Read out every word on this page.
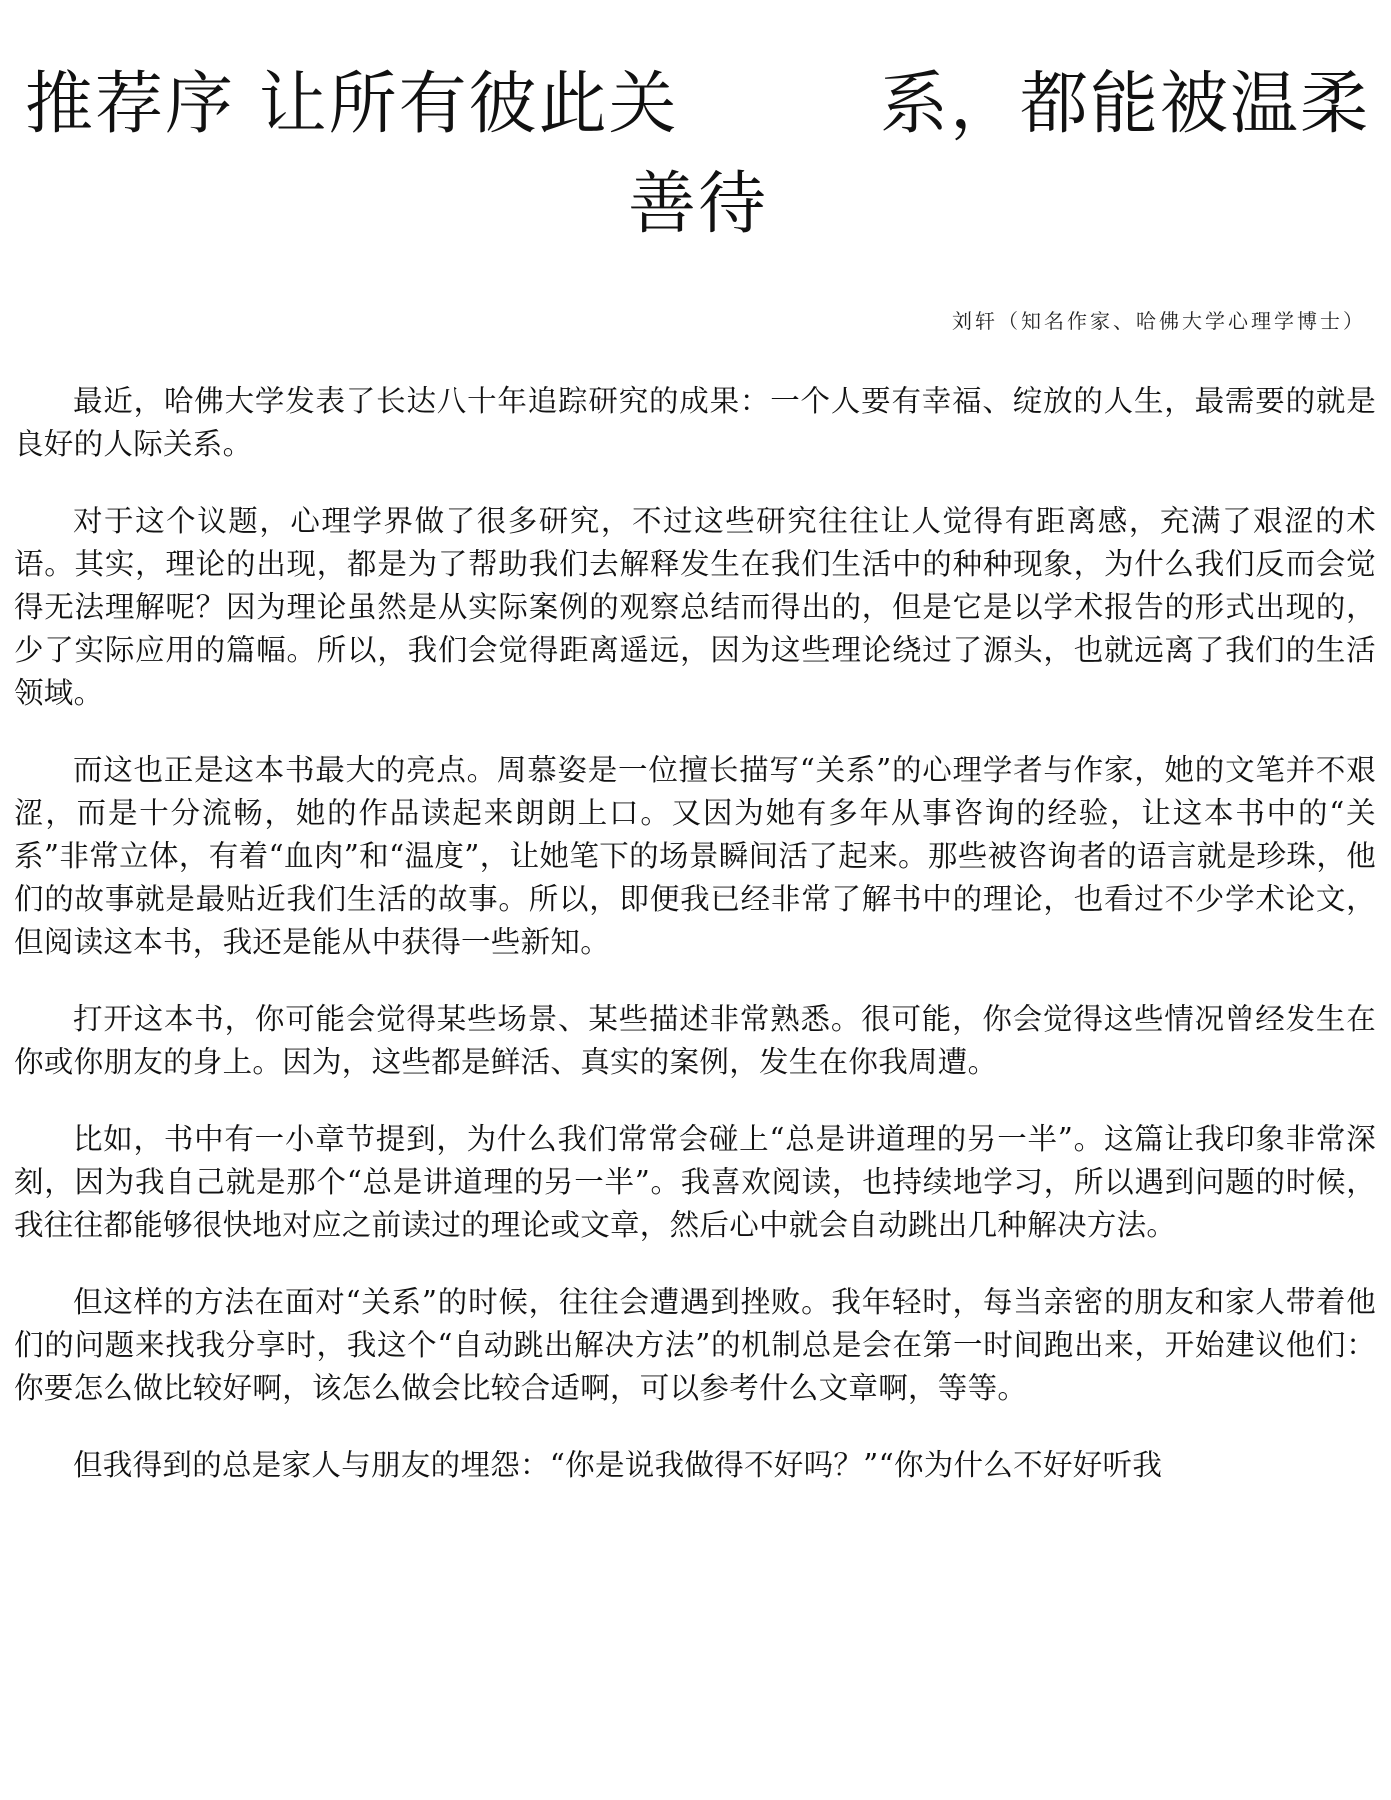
推荐序 让所有彼此关	系，都能被温柔
善待
刘轩（知名作家、哈佛大学心理学博士）

最近，哈佛大学发表了长达八十年追踪研究的成果：一个人要有幸福、绽放的人生，最需要的就是良好的人际关系。

对于这个议题，心理学界做了很多研究，不过这些研究往往让人觉得有距离感，充满了艰涩的术语。其实，理论的出现，都是为了帮助我们去解释发生在我们生活中的种种现象，为什么我们反而会觉得无法理解呢？因为理论虽然是从实际案例的观察总结而得出的，但是它是以学术报告的形式出现的，少了实际应用的篇幅。所以，我们会觉得距离遥远，因为这些理论绕过了源头，也就远离了我们的生活领域。

而这也正是这本书最大的亮点。周慕姿是一位擅长描写“关系”的心理学者与作家，她的文笔并不艰涩，而是十分流畅，她的作品读起来朗朗上口。又因为她有多年从事咨询的经验，让这本书中的“关系”非常立体，有着“血肉”和“温度”，让她笔下的场景瞬间活了起来。那些被咨询者的语言就是珍珠，他们的故事就是最贴近我们生活的故事。所以，即便我已经非常了解书中的理论，也看过不少学术论文，但阅读这本书，我还是能从中获得一些新知。

打开这本书，你可能会觉得某些场景、某些描述非常熟悉。很可能，你会觉得这些情况曾经发生在你或你朋友的身上。因为，这些都是鲜活、真实的案例，发生在你我周遭。

比如，书中有一小章节提到，为什么我们常常会碰上“总是讲道理的另一半”。这篇让我印象非常深刻，因为我自己就是那个“总是讲道理的另一半”。我喜欢阅读，也持续地学习，所以遇到问题的时候，我往往都能够很快地对应之前读过的理论或文章，然后心中就会自动跳出几种解决方法。

但这样的方法在面对“关系”的时候，往往会遭遇到挫败。我年轻时，每当亲密的朋友和家人带着他们的问题来找我分享时，我这个“自动跳出解决方法”的机制总是会在第一时间跑出来，开始建议他们：你要怎么做比较好啊，该怎么做会比较合适啊，可以参考什么文章啊，等等。

但我得到的总是家人与朋友的埋怨：“你是说我做得不好吗？”“你为什么不好好听我
